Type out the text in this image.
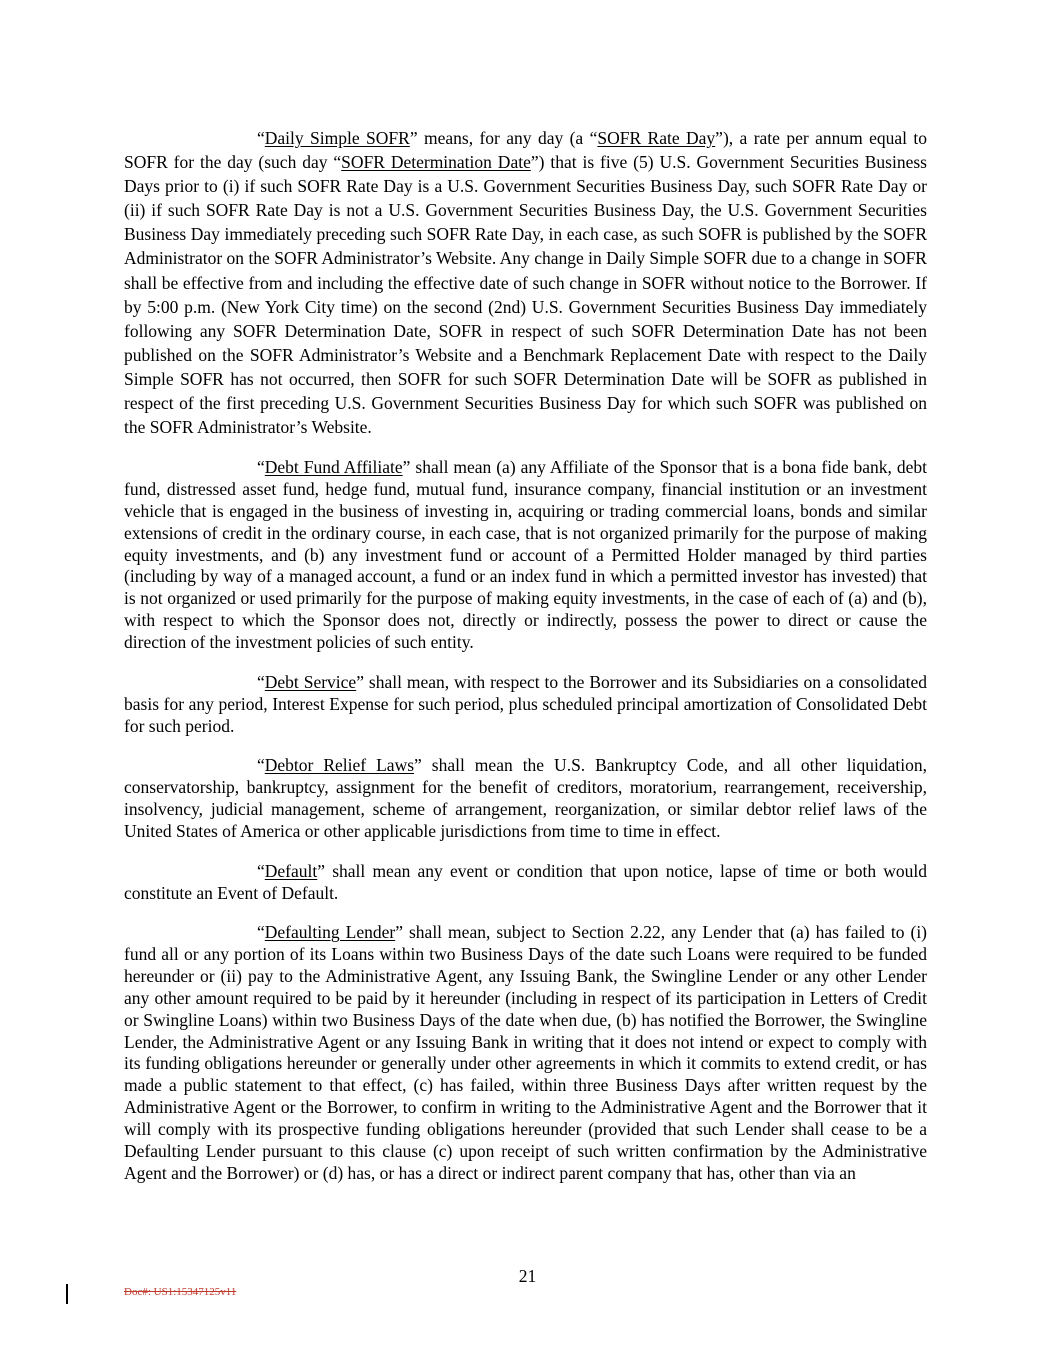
“Daily Simple SOFR” means, for any day (a “SOFR Rate Day”), a rate per annum equal to SOFR for the day (such day “SOFR Determination Date”) that is five (5) U.S. Government Securities Business Days prior to (i) if such SOFR Rate Day is a U.S. Government Securities Business Day, such SOFR Rate Day or (ii) if such SOFR Rate Day is not a U.S. Government Securities Business Day, the U.S. Government Securities Business Day immediately preceding such SOFR Rate Day, in each case, as such SOFR is published by the SOFR Administrator on the SOFR Administrator’s Website. Any change in Daily Simple SOFR due to a change in SOFR shall be effective from and including the effective date of such change in SOFR without notice to the Borrower. If by 5:00 p.m. (New York City time) on the second (2nd) U.S. Government Securities Business Day immediately following any SOFR Determination Date, SOFR in respect of such SOFR Determination Date has not been published on the SOFR Administrator’s Website and a Benchmark Replacement Date with respect to the Daily Simple SOFR has not occurred, then SOFR for such SOFR Determination Date will be SOFR as published in respect of the first preceding U.S. Government Securities Business Day for which such SOFR was published on the SOFR Administrator’s Website.

“Debt Fund Affiliate” shall mean (a) any Affiliate of the Sponsor that is a bona fide bank, debt fund, distressed asset fund, hedge fund, mutual fund, insurance company, financial institution or an investment vehicle that is engaged in the business of investing in, acquiring or trading commercial loans, bonds and similar extensions of credit in the ordinary course, in each case, that is not organized primarily for the purpose of making equity investments, and (b) any investment fund or account of a Permitted Holder managed by third parties (including by way of a managed account, a fund or an index fund in which a permitted investor has invested) that is not organized or used primarily for the purpose of making equity investments, in the case of each of (a) and (b), with respect to which the Sponsor does not, directly or indirectly, possess the power to direct or cause the direction of the investment policies of such entity.

“Debt Service” shall mean, with respect to the Borrower and its Subsidiaries on a consolidated basis for any period, Interest Expense for such period, plus scheduled principal amortization of Consolidated Debt for such period.

“Debtor Relief Laws” shall mean the U.S. Bankruptcy Code, and all other liquidation, conservatorship, bankruptcy, assignment for the benefit of creditors, moratorium, rearrangement, receivership, insolvency, judicial management, scheme of arrangement, reorganization, or similar debtor relief laws of the United States of America or other applicable jurisdictions from time to time in effect.

“Default” shall mean any event or condition that upon notice, lapse of time or both would constitute an Event of Default.

“Defaulting Lender” shall mean, subject to Section 2.22, any Lender that (a) has failed to (i) fund all or any portion of its Loans within two Business Days of the date such Loans were required to be funded hereunder or (ii) pay to the Administrative Agent, any Issuing Bank, the Swingline Lender or any other Lender any other amount required to be paid by it hereunder (including in respect of its participation in Letters of Credit or Swingline Loans) within two Business Days of the date when due, (b) has notified the Borrower, the Swingline Lender, the Administrative Agent or any Issuing Bank in writing that it does not intend or expect to comply with its funding obligations hereunder or generally under other agreements in which it commits to extend credit, or has made a public statement to that effect, (c) has failed, within three Business Days after written request by the Administrative Agent or the Borrower, to confirm in writing to the Administrative Agent and the Borrower that it will comply with its prospective funding obligations hereunder (provided that such Lender shall cease to be a Defaulting Lender pursuant to this clause (c) upon receipt of such written confirmation by the Administrative Agent and the Borrower) or (d) has, or has a direct or indirect parent company that has, other than via an

21
Doc#: US1:15347125v11
